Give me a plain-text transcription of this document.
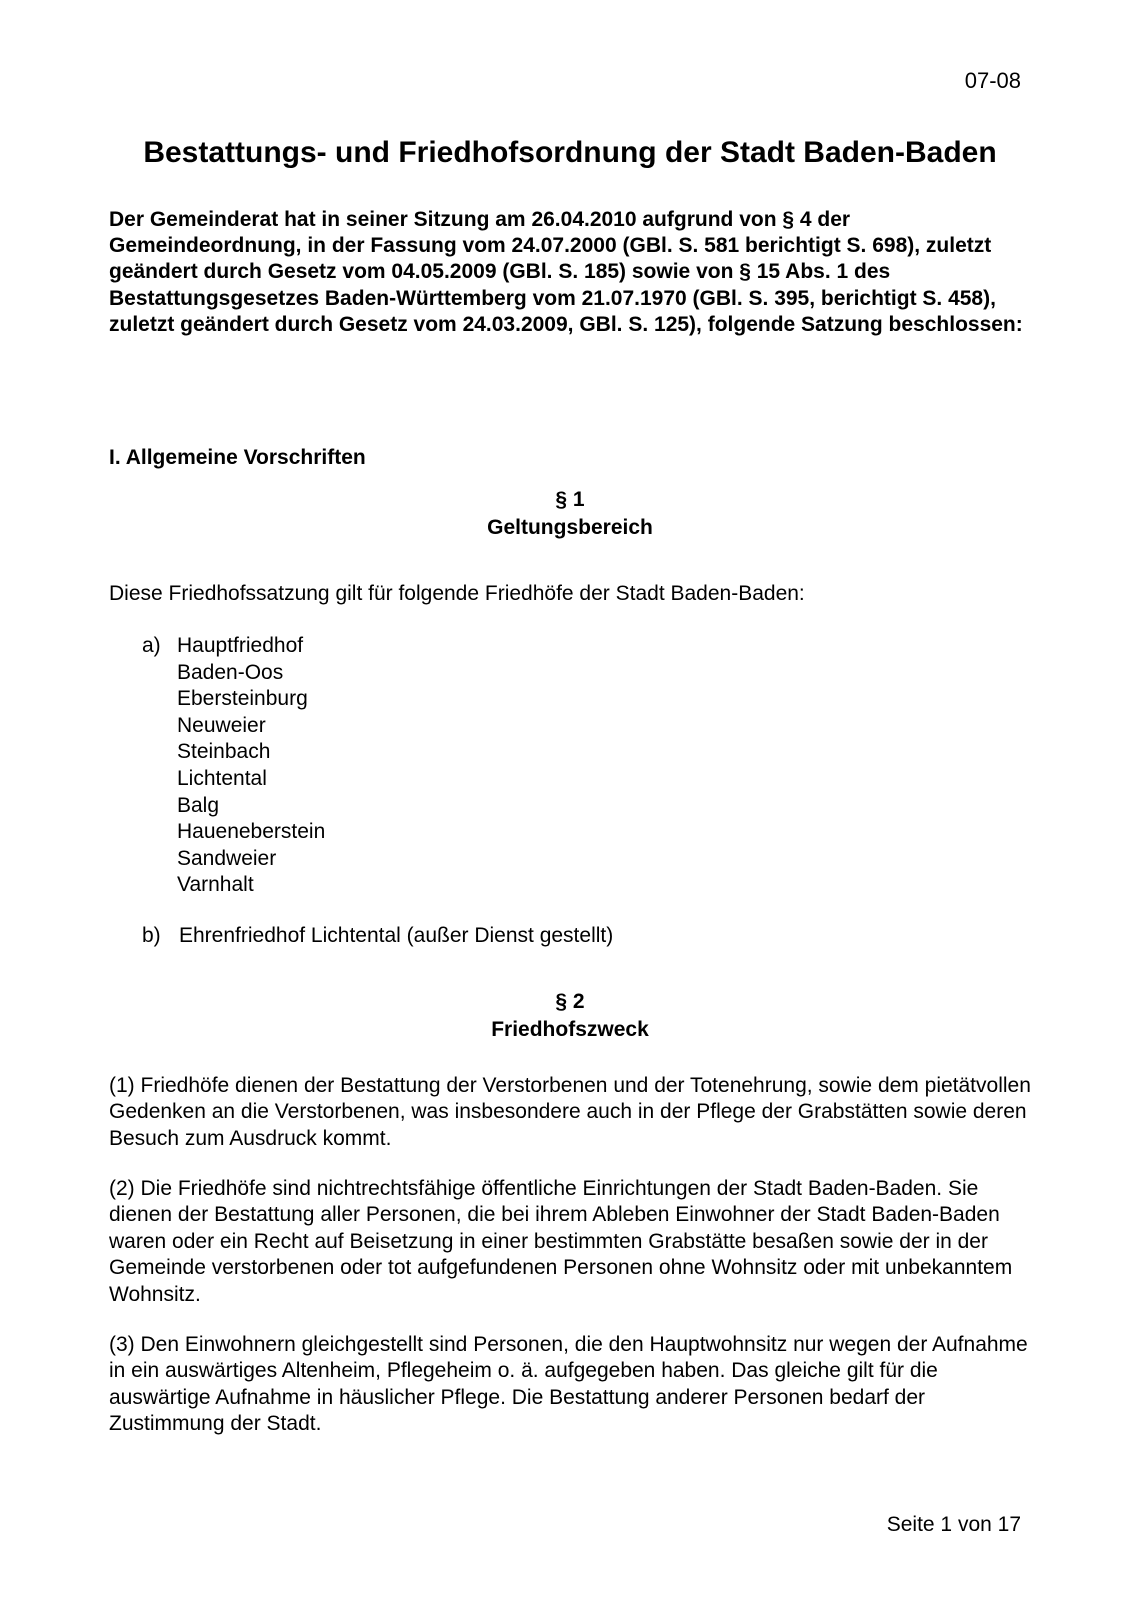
07-08
Bestattungs- und Friedhofsordnung der Stadt Baden-Baden

Der Gemeinderat hat in seiner Sitzung am 26.04.2010 aufgrund von § 4 der Gemeindeordnung, in der Fassung vom 24.07.2000 (GBl. S. 581 berichtigt S. 698), zuletzt geändert durch Gesetz vom 04.05.2009 (GBl. S. 185) sowie von § 15 Abs. 1 des Bestattungsgesetzes Baden-Württemberg vom 21.07.1970 (GBl. S. 395, berichtigt S. 458), zuletzt geändert durch Gesetz vom 24.03.2009, GBl. S. 125), folgende Satzung beschlossen:

I. Allgemeine Vorschriften
§ 1
Geltungsbereich

Diese Friedhofssatzung gilt für folgende Friedhöfe der Stadt Baden-Baden:

a) Hauptfriedhof
Baden-Oos
Ebersteinburg
Neuweier
Steinbach
Lichtental
Balg
Haueneberstein
Sandweier
Varnhalt
b) Ehrenfriedhof Lichtental (außer Dienst gestellt)
§ 2
Friedhofszweck

(1) Friedhöfe dienen der Bestattung der Verstorbenen und der Totenehrung, sowie dem pietätvollen Gedenken an die Verstorbenen, was insbesondere auch in der Pflege der Grabstätten sowie deren Besuch zum Ausdruck kommt.

(2) Die Friedhöfe sind nichtrechtsfähige öffentliche Einrichtungen der Stadt Baden-Baden. Sie dienen der Bestattung aller Personen, die bei ihrem Ableben Einwohner der Stadt Baden-Baden waren oder ein Recht auf Beisetzung in einer bestimmten Grabstätte besaßen sowie der in der Gemeinde verstorbenen oder tot aufgefundenen Personen ohne Wohnsitz oder mit unbekanntem Wohnsitz.

(3) Den Einwohnern gleichgestellt sind Personen, die den Hauptwohnsitz nur wegen der Aufnahme in ein auswärtiges Altenheim, Pflegeheim o. ä. aufgegeben haben. Das gleiche gilt für die auswärtige Aufnahme in häuslicher Pflege. Die Bestattung anderer Personen bedarf der Zustimmung der Stadt.

Seite 1 von 17
